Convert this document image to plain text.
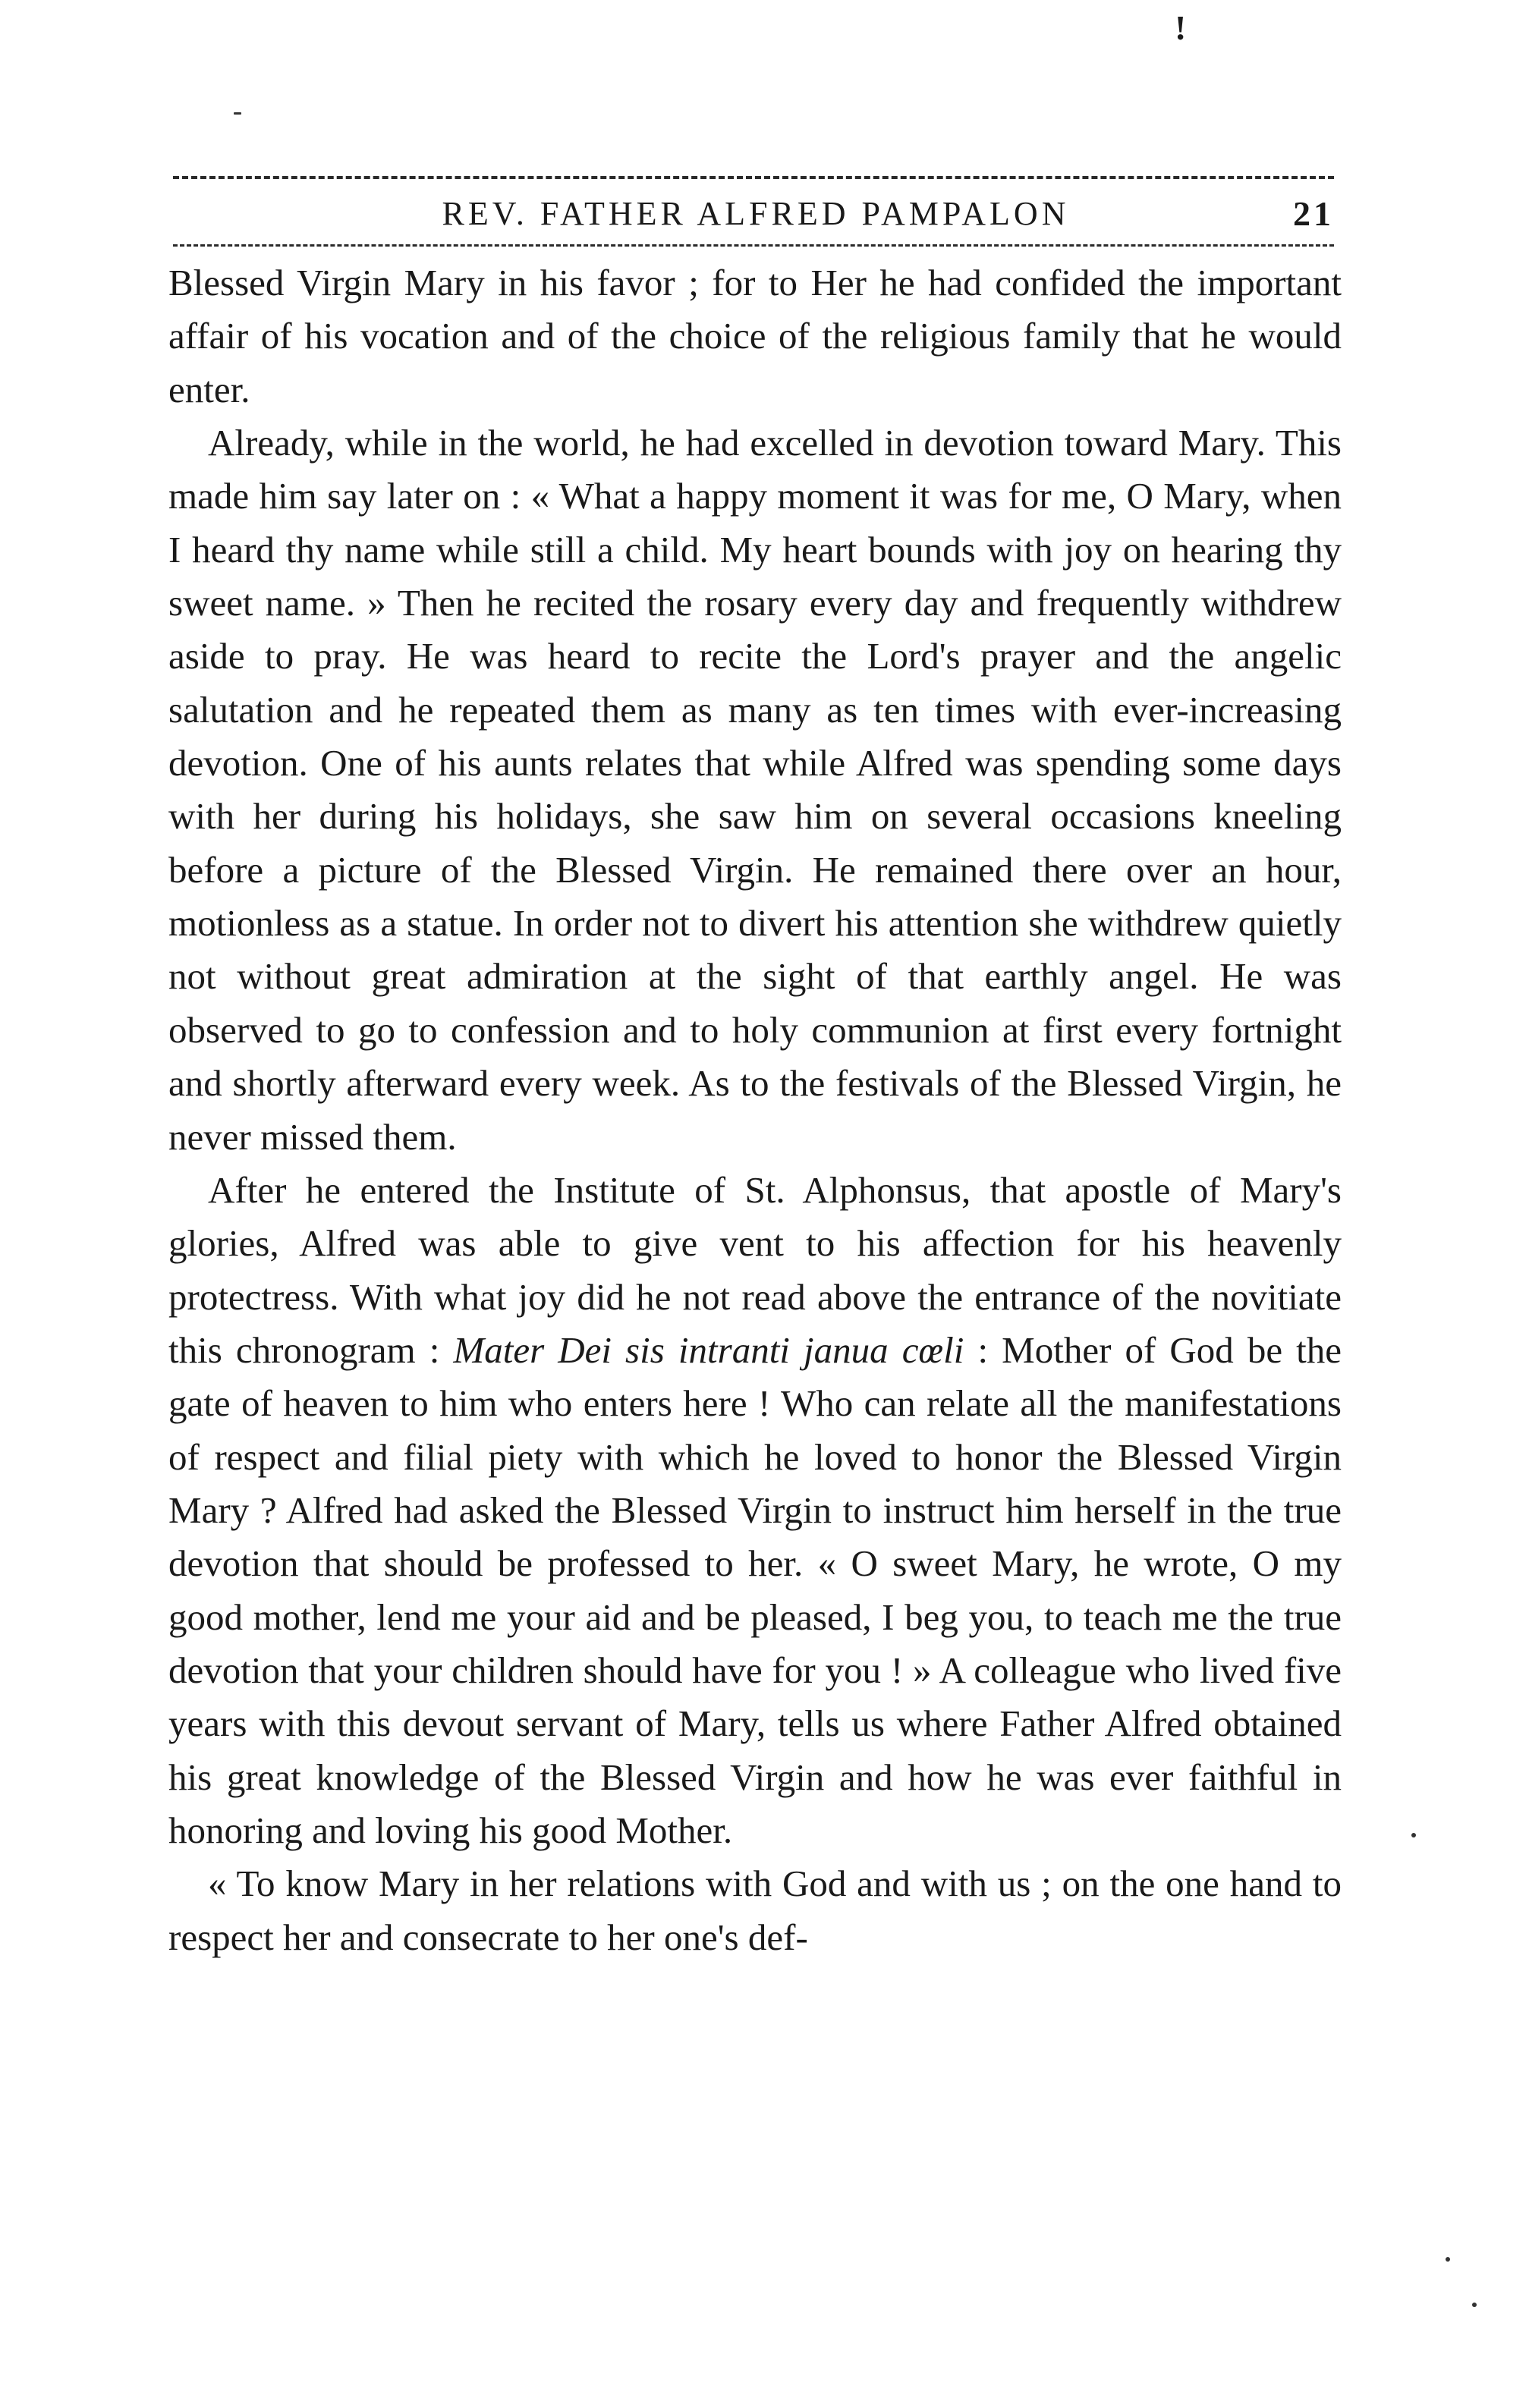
!
REV. FATHER ALFRED PAMPALON	21

Blessed Virgin Mary in his favor ; for to Her he had confided the important affair of his vocation and of the choice of the religious family that he would enter.

Already, while in the world, he had excelled in devotion toward Mary. This made him say later on : « What a happy moment it was for me, O Mary, when I heard thy name while still a child. My heart bounds with joy on hearing thy sweet name. » Then he recited the rosary every day and frequently withdrew aside to pray. He was heard to recite the Lord's prayer and the angelic salutation and he repeated them as many as ten times with ever-increasing devotion. One of his aunts relates that while Alfred was spending some days with her during his holidays, she saw him on several occasions kneeling before a picture of the Blessed Virgin. He remained there over an hour, motionless as a statue. In order not to divert his attention she withdrew quietly not without great admiration at the sight of that earthly angel. He was observed to go to confession and to holy communion at first every fortnight and shortly afterward every week. As to the festivals of the Blessed Virgin, he never missed them.

After he entered the Institute of St. Alphonsus, that apostle of Mary's glories, Alfred was able to give vent to his affection for his heavenly protectress. With what joy did he not read above the entrance of the novitiate this chronogram : Mater Dei sis intranti janua cœli : Mother of God be the gate of heaven to him who enters here ! Who can relate all the manifestations of respect and filial piety with which he loved to honor the Blessed Virgin Mary ? Alfred had asked the Blessed Virgin to instruct him herself in the true devotion that should be professed to her. « O sweet Mary, he wrote, O my good mother, lend me your aid and be pleased, I beg you, to teach me the true devotion that your children should have for you ! » A colleague who lived five years with this devout servant of Mary, tells us where Father Alfred obtained his great knowledge of the Blessed Virgin and how he was ever faithful in honoring and loving his good Mother.

« To know Mary in her relations with God and with us ; on the one hand to respect her and consecrate to her one's def-
